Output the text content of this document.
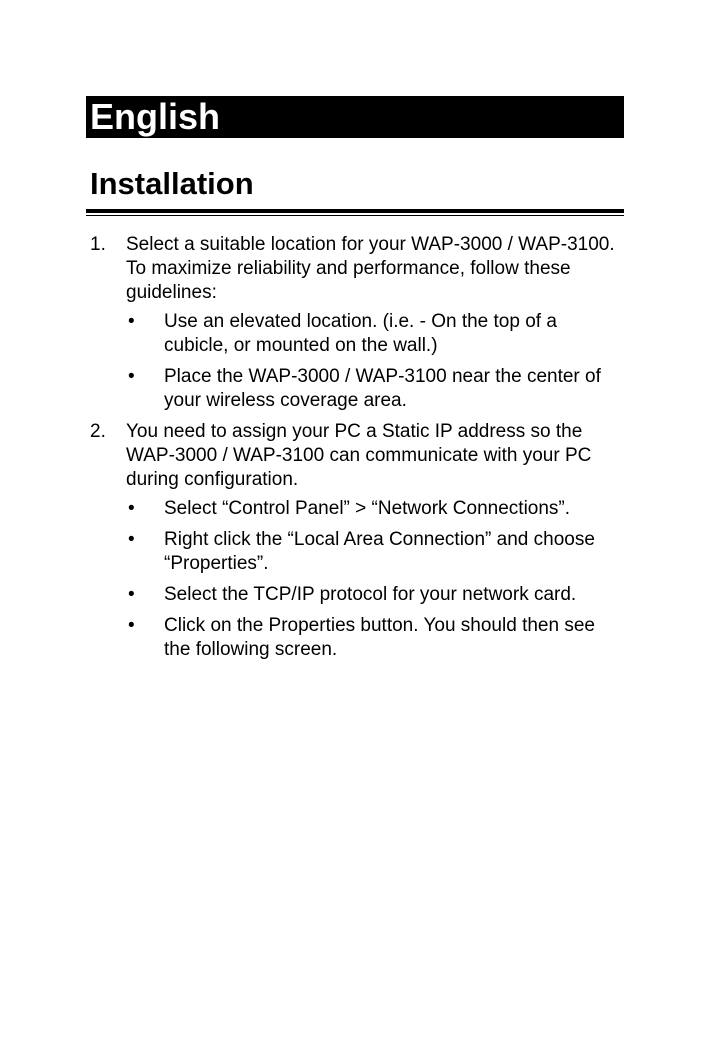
English
Installation
1. Select a suitable location for your WAP-3000 / WAP-3100. To maximize reliability and performance, follow these guidelines:
• Use an elevated location. (i.e. - On the top of a cubicle, or mounted on the wall.)
• Place the WAP-3000 / WAP-3100 near the center of your wireless coverage area.
2. You need to assign your PC a Static IP address so the WAP-3000 / WAP-3100 can communicate with your PC during configuration.
• Select “Control Panel” > “Network Connections”.
• Right click the “Local Area Connection” and choose “Properties”.
• Select the TCP/IP protocol for your network card.
• Click on the Properties button. You should then see the following screen.
